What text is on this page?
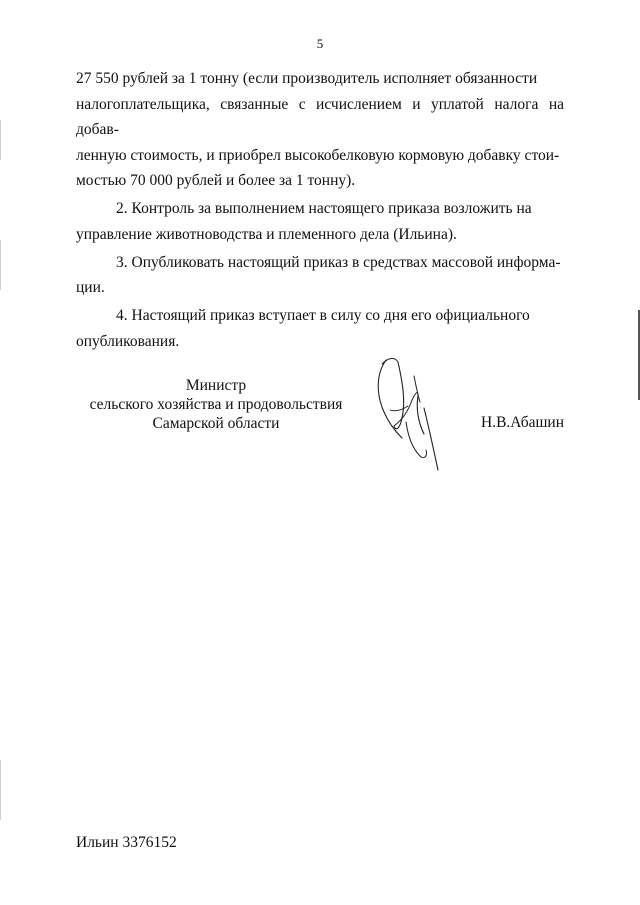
5

27 550 рублей за 1 тонну (если производитель исполняет обязанности
налогоплательщика, связанные с исчислением и уплатой налога на добав-
ленную стоимость, и приобрел высокобелковую кормовую добавку стои-
мостью 70 000 рублей и более за 1 тонну).

2. Контроль за выполнением настоящего приказа возложить на
управление животноводства и племенного дела (Ильина).

3. Опубликовать настоящий приказ в средствах массовой информа-
ции.

4. Настоящий приказ вступает в силу со дня его официального
опубликования.

Министр
сельского хозяйства и продовольствия
Самарской области	Н.В.Абашин
Ильин 3376152
